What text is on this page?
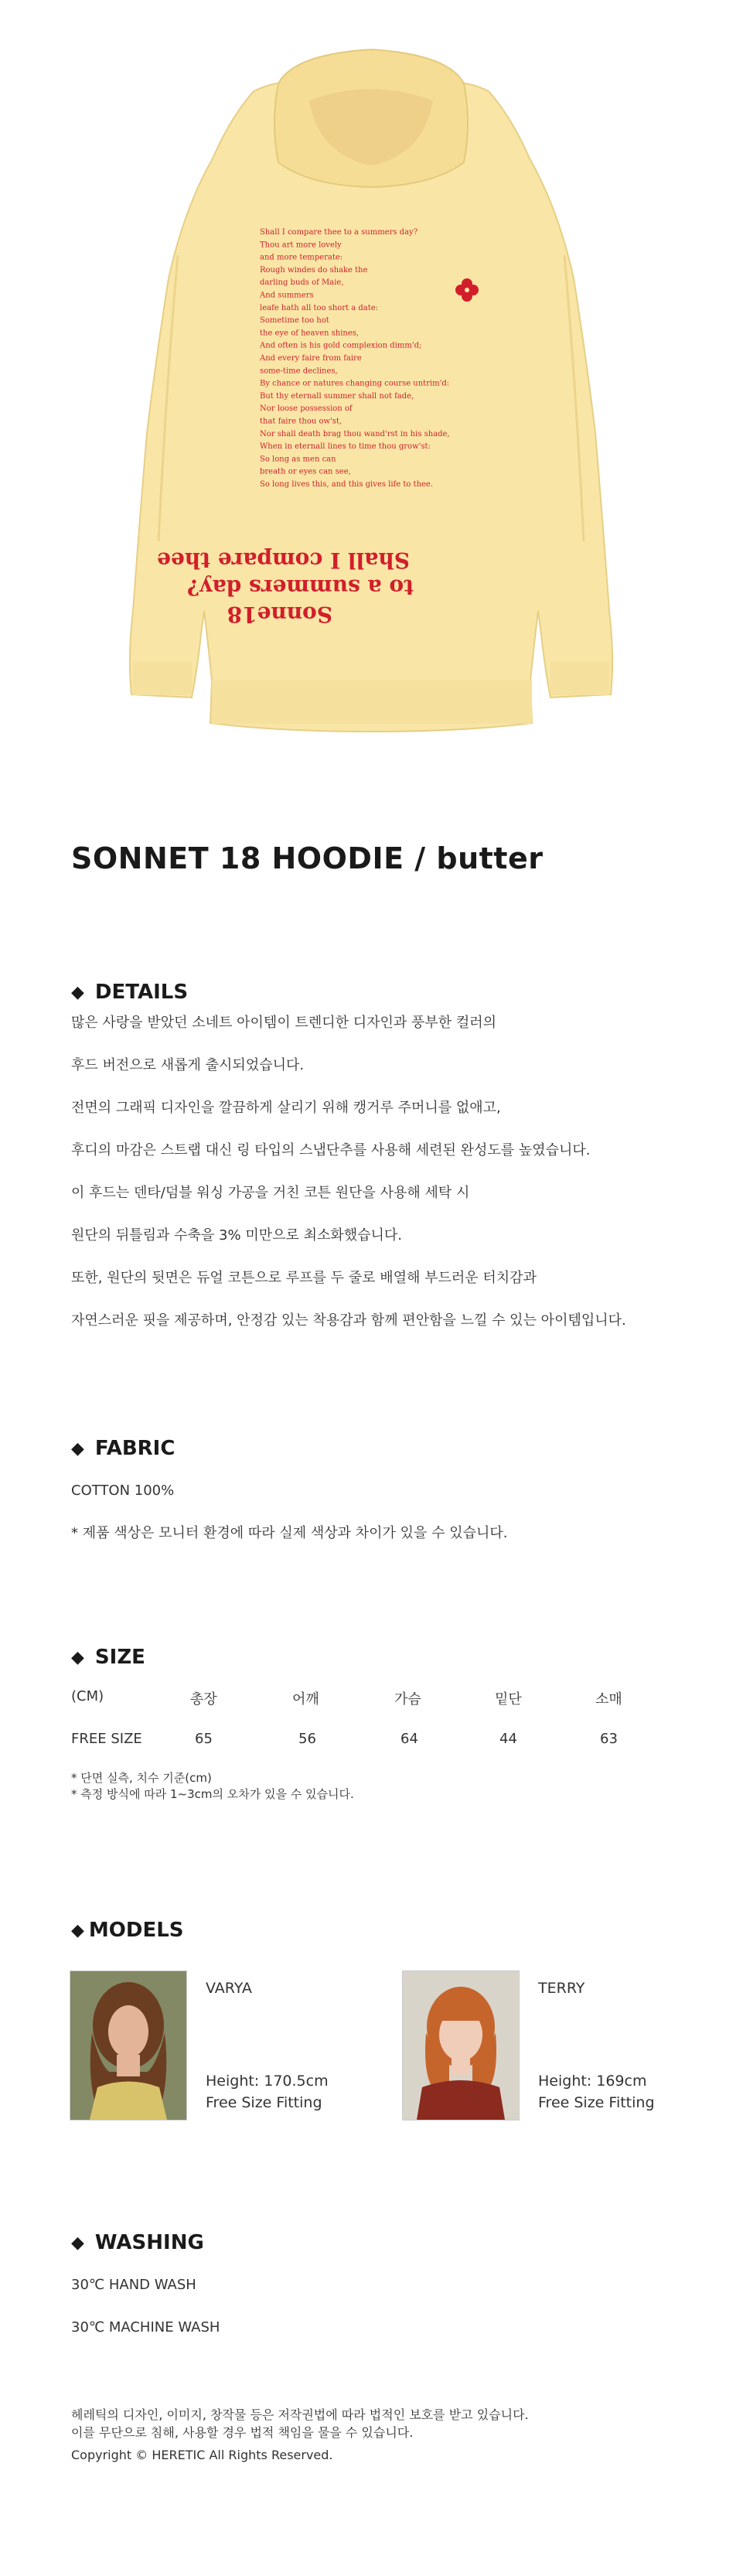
Shall I compare thee to a summers day?
Thou art more lovely
and more temperate:
Rough windes do shake the
darling buds of Maie,
And summers
leafe hath all too short a date:
Sometime too hot
the eye of heaven shines,
And often is his gold complexion dimm'd;
And every faire from faire
some-time declines,
By chance or natures changing course untrim'd:
But thy eternall summer shall not fade,
Nor loose possession of
that faire thou ow'st,
Nor shall death brag thou wand'rst in his shade,
When in eternall lines to time thou grow'st:
So long as men can
breath or eyes can see,
So long lives this, and this gives life to thee.
Shall I compare thee
to a summers day?
Sonne18
SONNET 18 HOODIE / butter
◆ DETAILS
많은 사랑을 받았던 소네트 아이템이 트렌디한 디자인과 풍부한 컬러의
후드 버전으로 새롭게 출시되었습니다.
전면의 그래픽 디자인을 깔끔하게 살리기 위해 캥거루 주머니를 없애고,
후디의 마감은 스트랩 대신 링 타입의 스냅단추를 사용해 세련된 완성도를 높였습니다.
이 후드는 덴타/덤블 워싱 가공을 거친 코튼 원단을 사용해 세탁 시
원단의 뒤틀림과 수축을 3% 미만으로 최소화했습니다.
또한, 원단의 뒷면은 듀얼 코튼으로 루프를 두 줄로 배열해 부드러운 터치감과
자연스러운 핏을 제공하며, 안정감 있는 착용감과 함께 편안함을 느낄 수 있는 아이템입니다.
◆ FABRIC
COTTON 100%
* 제품 색상은 모니터 환경에 따라 실제 색상과 차이가 있을 수 있습니다.
◆ SIZE
(CM)	총장	어깨	가슴	밑단	소매
FREE SIZE	65	56	64	44	63
* 단면 실측, 치수 기준(cm)
* 측정 방식에 따라 1~3cm의 오차가 있을 수 있습니다.
◆ MODELS
VARYA
Height: 170.5cm
Free Size Fitting
TERRY
Height: 169cm
Free Size Fitting
◆ WASHING
30℃ HAND WASH
30℃ MACHINE WASH
헤레틱의 디자인, 이미지, 창작물 등은 저작권법에 따라 법적인 보호를 받고 있습니다.
이를 무단으로 침해, 사용할 경우 법적 책임을 물을 수 있습니다.
Copyright © HERETIC All Rights Reserved.
